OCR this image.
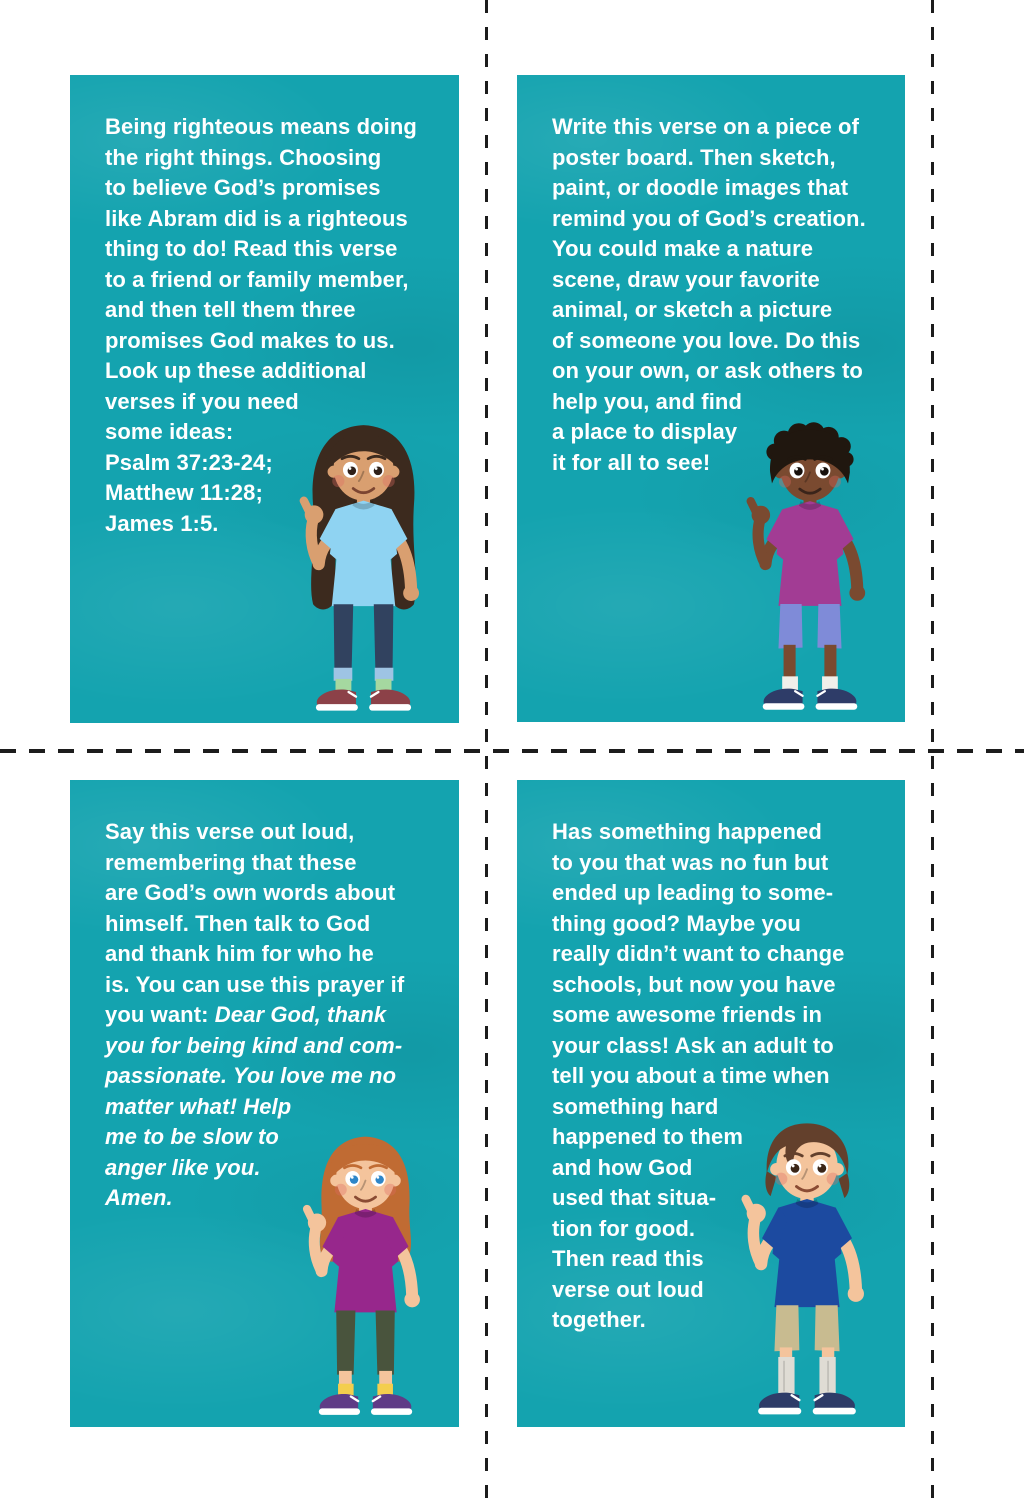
Being righteous means doing
the right things. Choosing
to believe God’s promises
like Abram did is a righteous
thing to do! Read this verse
to a friend or family member,
and then tell them three
promises God makes to us.
Look up these additional
verses if you need
some ideas:
Psalm 37:23-24;
Matthew 11:28;
James 1:5.
Write this verse on a piece of
poster board. Then sketch,
paint, or doodle images that
remind you of God’s creation.
You could make a nature
scene, draw your favorite
animal, or sketch a picture
of someone you love. Do this
on your own, or ask others to
help you, and find
a place to display
it for all to see!
Say this verse out loud,
remembering that these
are God’s own words about
himself. Then talk to God
and thank him for who he
is. You can use this prayer if
you want: Dear God, thank
you for being kind and com-
passionate. You love me no
matter what! Help
me to be slow to
anger like you.
Amen.
Has something happened
to you that was no fun but
ended up leading to some-
thing good? Maybe you
really didn’t want to change
schools, but now you have
some awesome friends in
your class! Ask an adult to
tell you about a time when
something hard
happened to them
and how God
used that situa-
tion for good.
Then read this
verse out loud
together.
